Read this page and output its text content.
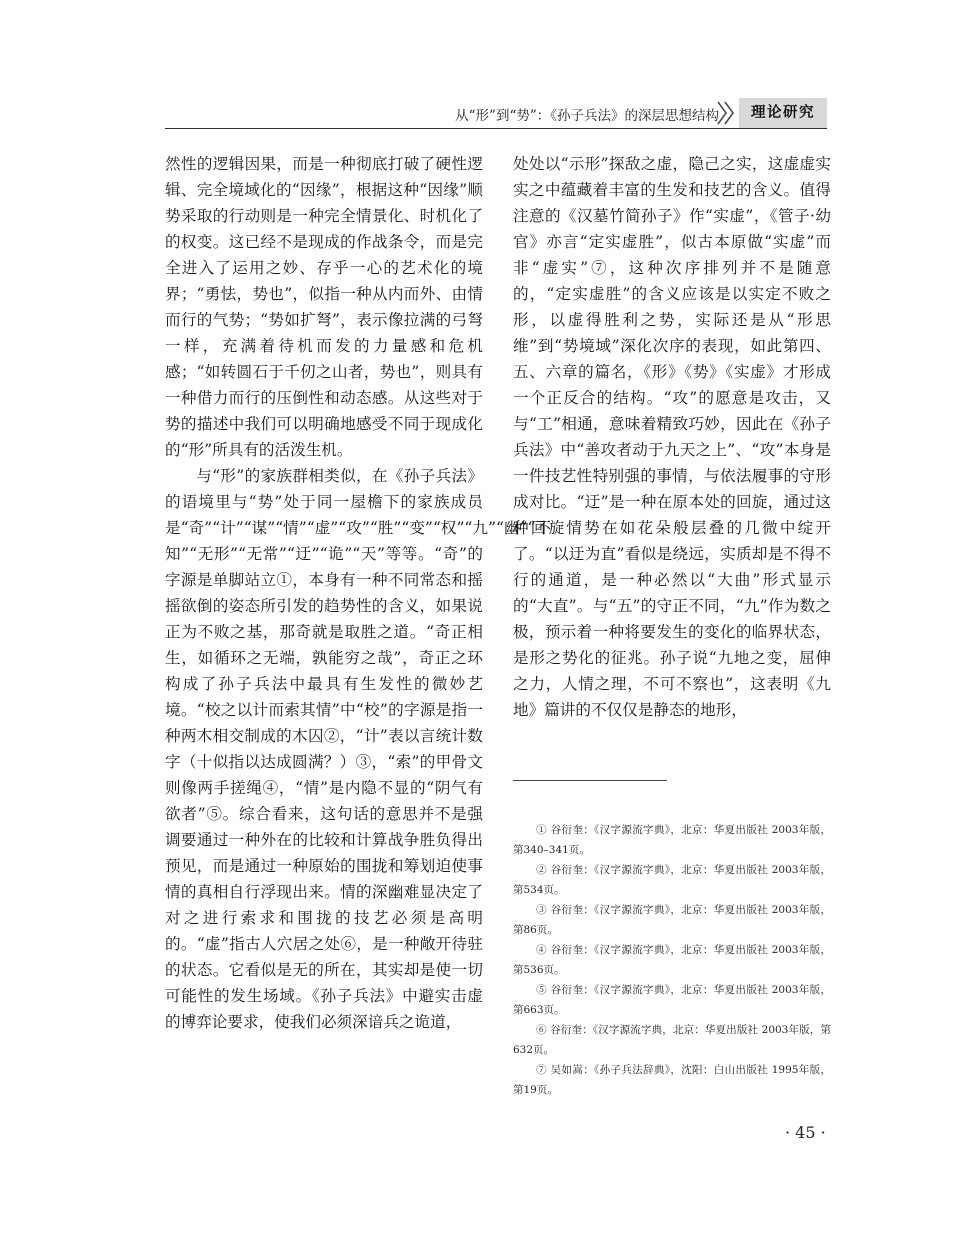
从“形”到“势”：《孙子兵法》的深层思想结构	理论研究

然性的逻辑因果，而是一种彻底打破了硬性逻辑、完全境域化的“因缘”，根据这种“因缘”顺势采取的行动则是一种完全情景化、时机化了的权变。这已经不是现成的作战条令，而是完全进入了运用之妙、存乎一心的艺术化的境界；“勇怯，势也”，似指一种从内而外、由情而行的气势；“势如扩弩”，表示像拉满的弓弩一样，充满着待机而发的力量感和危机感；“如转圆石于千仞之山者，势也”，则具有一种借力而行的压倒性和动态感。从这些对于势的描述中我们可以明确地感受不同于现成化的“形”所具有的活泼生机。

与“形”的家族群相类似，在《孙子兵法》的语境里与“势”处于同一屋檐下的家族成员是“奇”“计”“谋”“情”“虚”“攻”“胜”“变”“权”“九”“幽”“不知”“无形”“无常”“迂”“诡”“天”等等。“奇”的字源是单脚站立①，本身有一种不同常态和摇摇欲倒的姿态所引发的趋势性的含义，如果说正为不败之基，那奇就是取胜之道。“奇正相生，如循环之无端，孰能穷之哉”，奇正之环构成了孙子兵法中最具有生发性的微妙艺境。“校之以计而索其情”中“校”的字源是指一种两木相交制成的木囚②，“计”表以言统计数字（十似指以达成圆满？）③，“索”的甲骨文则像两手搓绳④，“情”是内隐不显的“阴气有欲者”⑤。综合看来，这句话的意思并不是强调要通过一种外在的比较和计算战争胜负得出预见，而是通过一种原始的围拢和筹划迫使事情的真相自行浮现出来。情的深幽难显决定了对之进行索求和围拢的技艺必须是高明的。“虚”指古人穴居之处⑥，是一种敞开待驻的状态。它看似是无的所在，其实却是使一切可能性的发生场域。《孙子兵法》中避实击虚的博弈论要求，使我们必须深谙兵之诡道，

处处以“示形”探敌之虚，隐己之实，这虚虚实实之中蕴藏着丰富的生发和技艺的含义。值得注意的《汉墓竹简孙子》作“实虚”，《管子·幼官》亦言“定实虚胜”，似古本原做“实虚”而非“虚实”⑦，这种次序排列并不是随意的，“定实虚胜”的含义应该是以实定不败之形，以虚得胜利之势，实际还是从“形思维”到“势境域”深化次序的表现，如此第四、五、六章的篇名，《形》《势》《实虚》才形成一个正反合的结构。“攻”的愿意是攻击，又与“工”相通，意味着精致巧妙，因此在《孙子兵法》中“善攻者动于九天之上”、“攻”本身是一件技艺性特别强的事情，与依法履事的守形成对比。“迂”是一种在原本处的回旋，通过这种回旋情势在如花朵般层叠的几微中绽开了。“以迂为直”看似是绕远，实质却是不得不行的通道，是一种必然以“大曲”形式显示的“大直”。与“五”的守正不同，“九”作为数之极，预示着一种将要发生的变化的临界状态，是形之势化的征兆。孙子说“九地之变，屈伸之力，人情之理，不可不察也”，这表明《九地》篇讲的不仅仅是静态的地形，

① 谷衍奎：《汉字源流字典》，北京：华夏出版社 2003年版，第340–341页。

② 谷衍奎：《汉字源流字典》，北京：华夏出版社 2003年版，第534页。

③ 谷衍奎：《汉字源流字典》，北京：华夏出版社 2003年版，第86页。

④ 谷衍奎：《汉字源流字典》，北京：华夏出版社 2003年版，第536页。

⑤ 谷衍奎：《汉字源流字典》，北京：华夏出版社 2003年版，第663页。

⑥ 谷衍奎：《汉字源流字典，北京：华夏出版社 2003年版，第632页。

⑦ 吴如嵩：《孙子兵法辞典》，沈阳：白山出版社 1995年版，第19页。

· 45 ·
